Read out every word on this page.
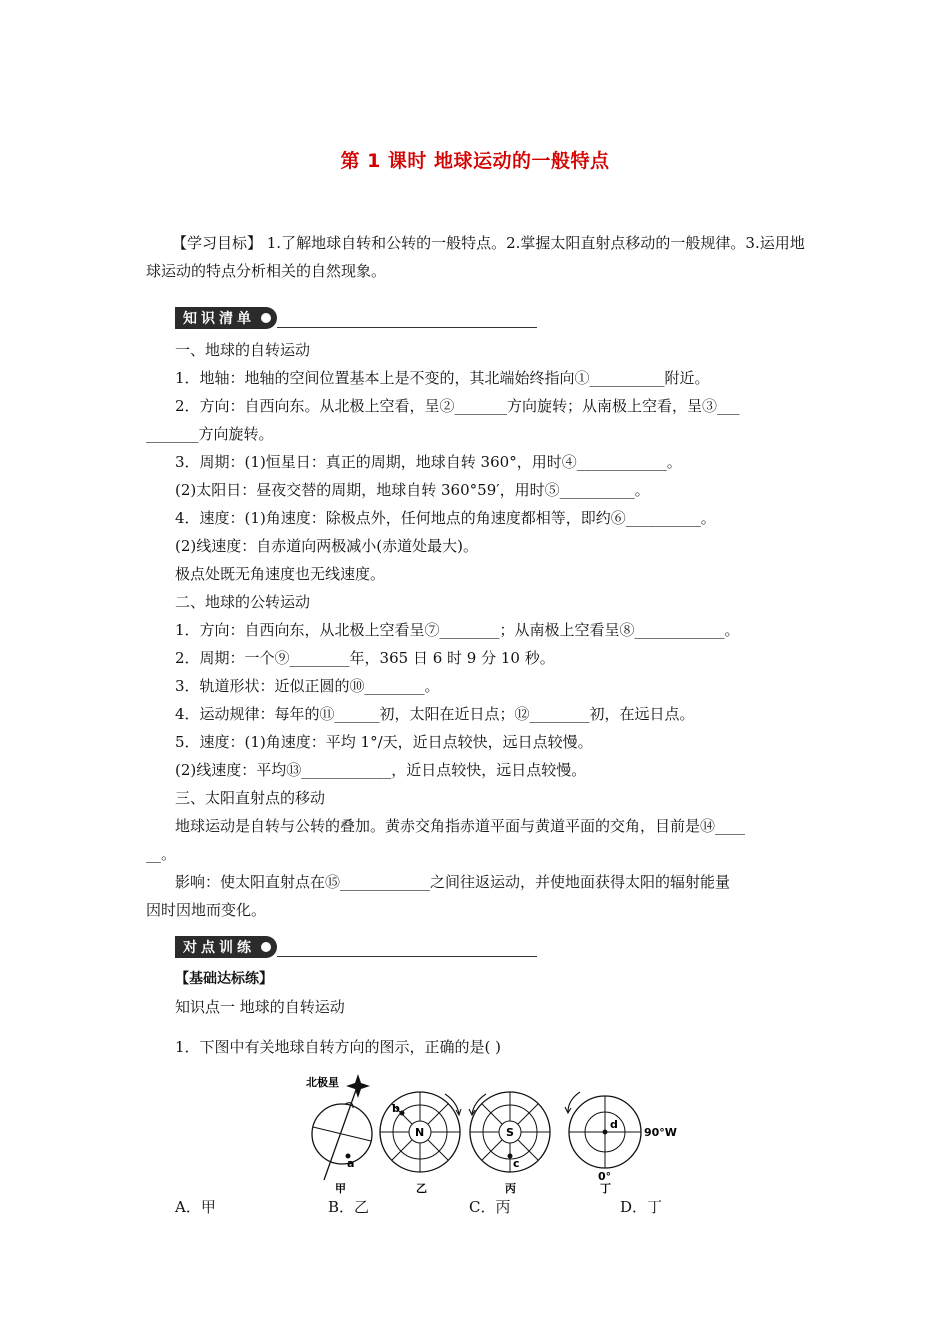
第 1 课时 地球运动的一般特点
【学习目标】 1.了解地球自转和公转的一般特点。2.掌握太阳直射点移动的一般规律。3.运用地球运动的特点分析相关的自然现象。
知识清单
一、地球的自转运动
1．地轴：地轴的空间位置基本上是不变的，其北端始终指向①__________附近。
2．方向：自西向东。从北极上空看，呈②_______方向旋转；从南极上空看，呈③___
_______方向旋转。
3．周期：(1)恒星日：真正的周期，地球自转 360°，用时④____________。
(2)太阳日：昼夜交替的周期，地球自转 360°59′，用时⑤__________。
4．速度：(1)角速度：除极点外，任何地点的角速度都相等，即约⑥__________。
(2)线速度：自赤道向两极减小(赤道处最大)。
极点处既无角速度也无线速度。
二、地球的公转运动
1．方向：自西向东，从北极上空看呈⑦________；从南极上空看呈⑧____________。
2．周期：一个⑨________年，365 日 6 时 9 分 10 秒。
3．轨道形状：近似正圆的⑩________。
4．运动规律：每年的⑪______初，太阳在近日点；⑫________初，在远日点。
5．速度：(1)角速度：平均 1°/天，近日点较快，远日点较慢。
(2)线速度：平均⑬____________，近日点较快，远日点较慢。
三、太阳直射点的移动
地球运动是自转与公转的叠加。黄赤交角指赤道平面与黄道平面的交角，目前是⑭____
__。
影响：使太阳直射点在⑮____________之间往返运动，并使地面获得太阳的辐射能量
因时因地而变化。
对点训练
【基础达标练】
知识点一 地球的自转运动
1．下图中有关地球自转方向的图示，正确的是( )
北极星
a
甲
N
b
乙
S
c
丙
d
90°W
0°
丁
A．甲	B．乙	C．丙	D．丁
